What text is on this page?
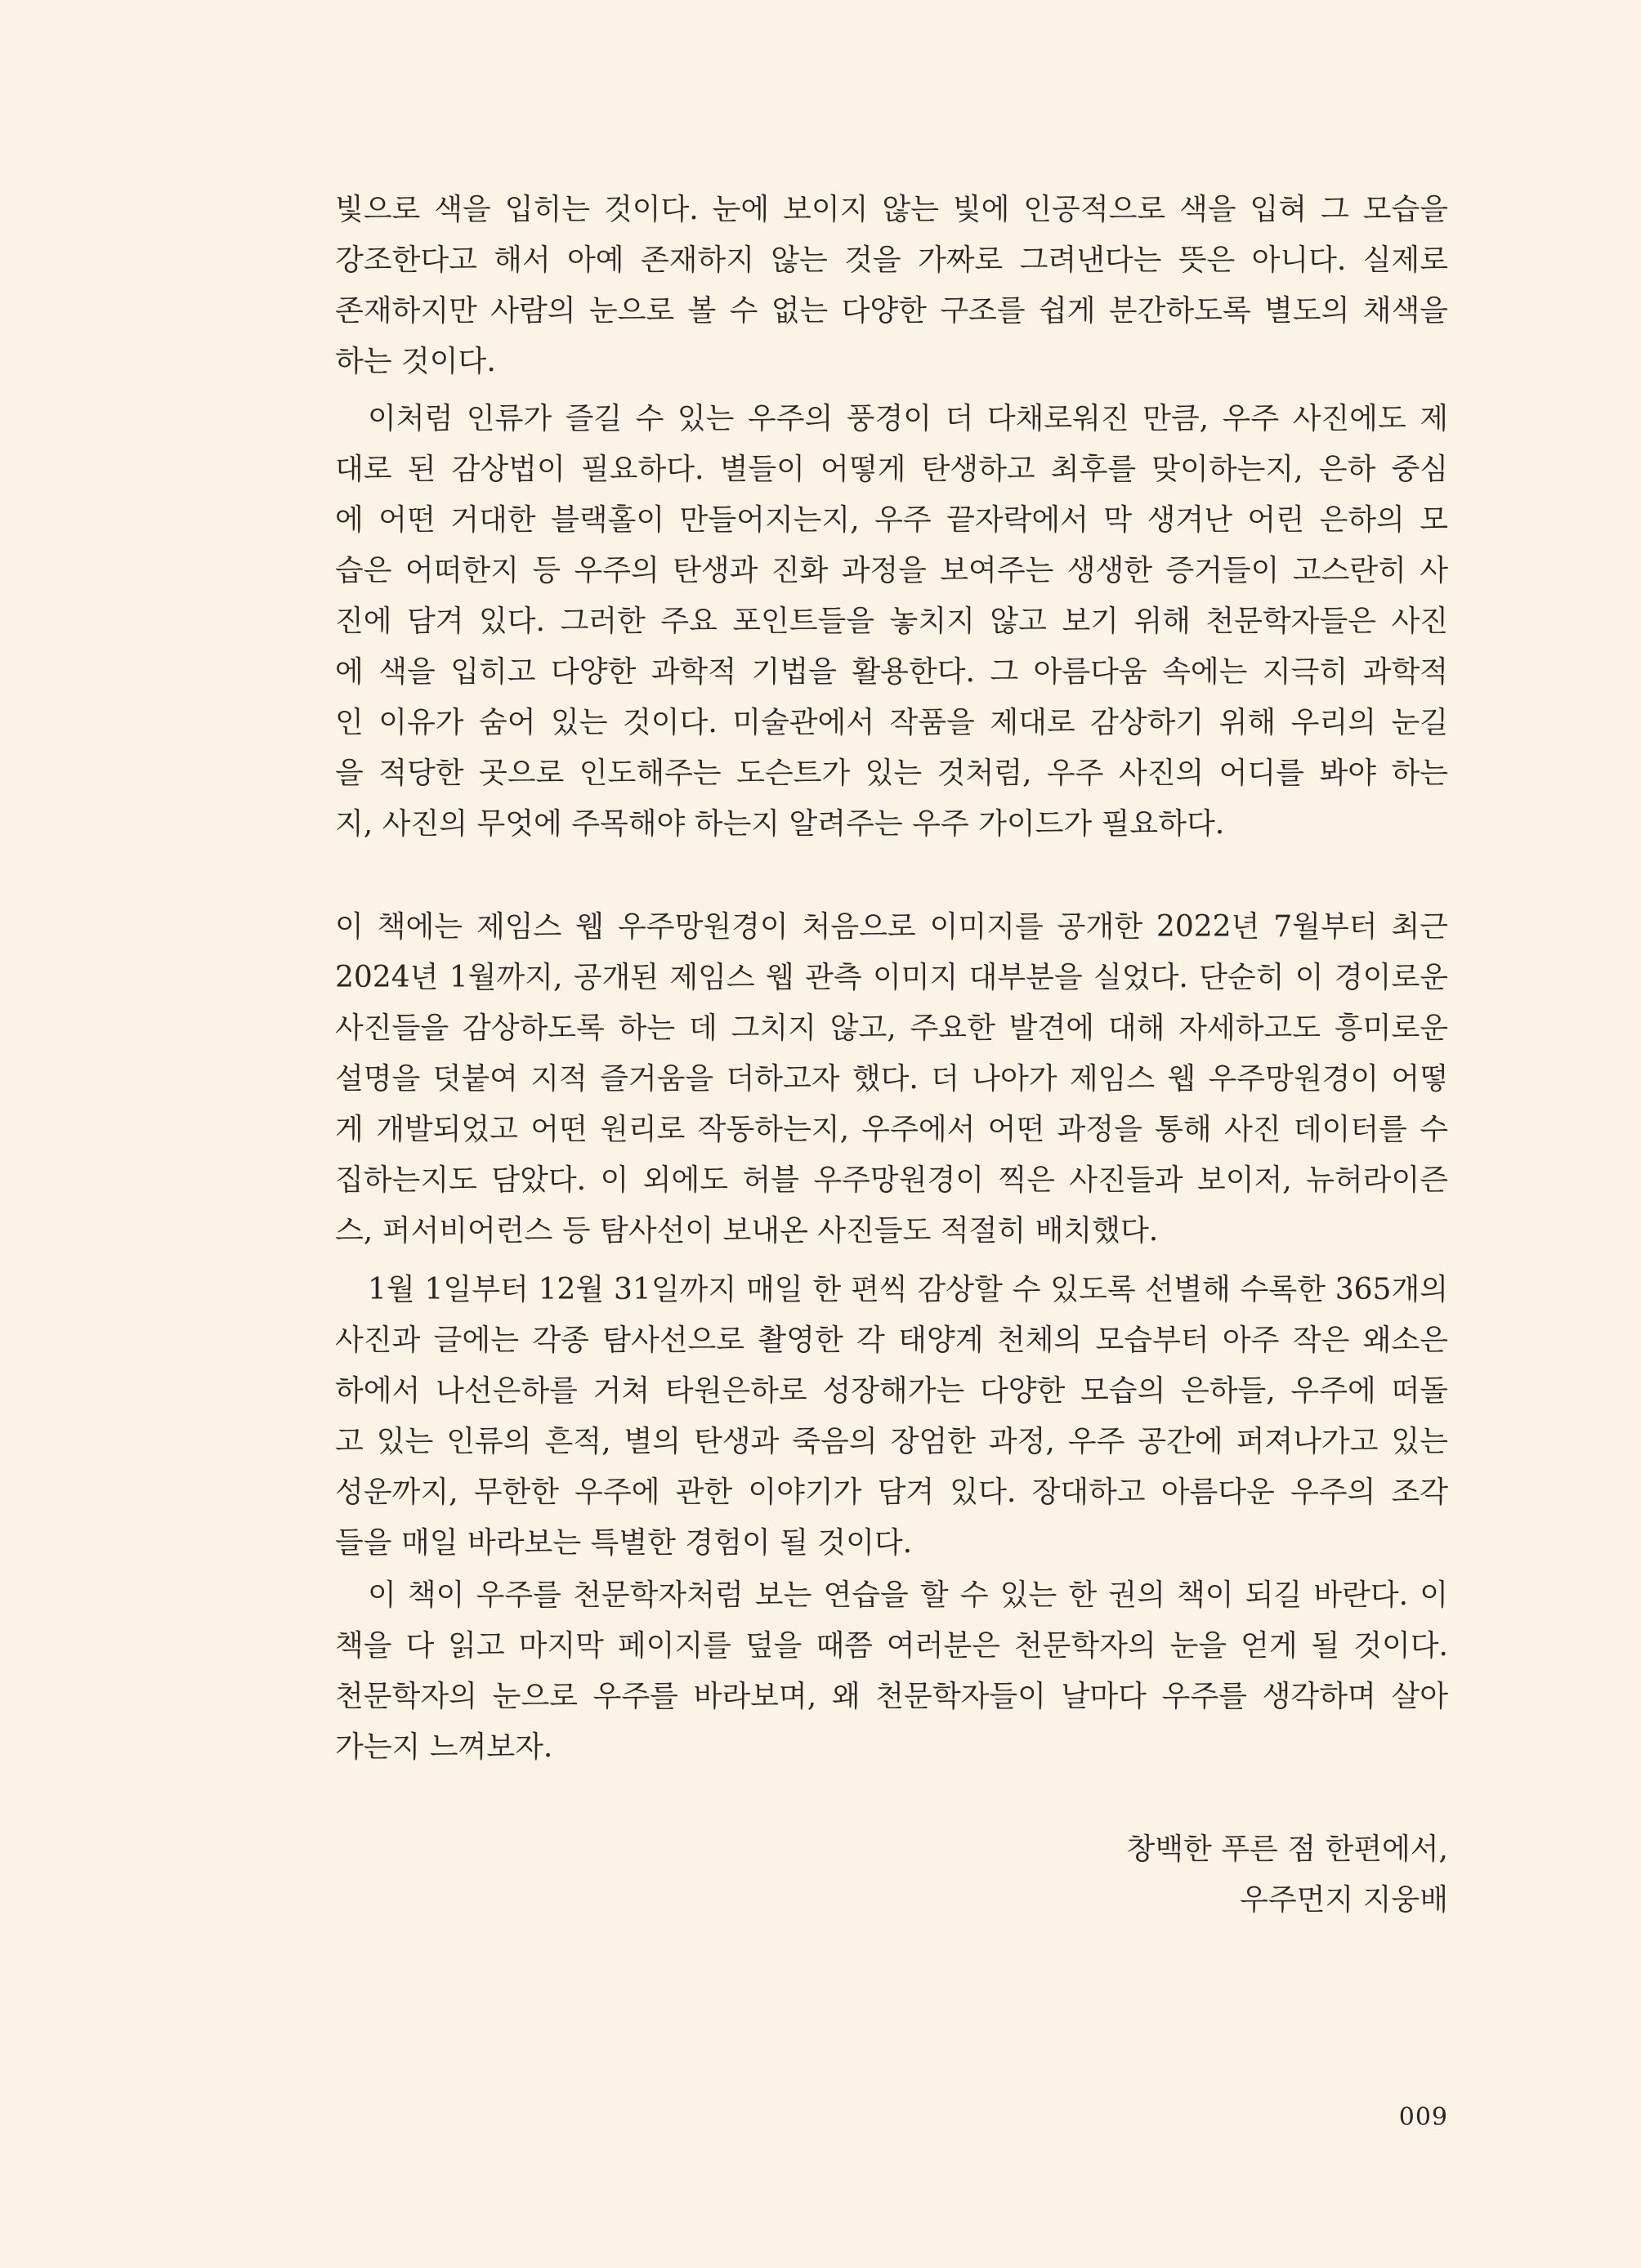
빛으로 색을 입히는 것이다. 눈에 보이지 않는 빛에 인공적으로 색을 입혀 그 모습을
강조한다고 해서 아예 존재하지 않는 것을 가짜로 그려낸다는 뜻은 아니다. 실제로
존재하지만 사람의 눈으로 볼 수 없는 다양한 구조를 쉽게 분간하도록 별도의 채색을
하는 것이다.
이처럼 인류가 즐길 수 있는 우주의 풍경이 더 다채로워진 만큼, 우주 사진에도 제
대로 된 감상법이 필요하다. 별들이 어떻게 탄생하고 최후를 맞이하는지, 은하 중심
에 어떤 거대한 블랙홀이 만들어지는지, 우주 끝자락에서 막 생겨난 어린 은하의 모
습은 어떠한지 등 우주의 탄생과 진화 과정을 보여주는 생생한 증거들이 고스란히 사
진에 담겨 있다. 그러한 주요 포인트들을 놓치지 않고 보기 위해 천문학자들은 사진
에 색을 입히고 다양한 과학적 기법을 활용한다. 그 아름다움 속에는 지극히 과학적
인 이유가 숨어 있는 것이다. 미술관에서 작품을 제대로 감상하기 위해 우리의 눈길
을 적당한 곳으로 인도해주는 도슨트가 있는 것처럼, 우주 사진의 어디를 봐야 하는
지, 사진의 무엇에 주목해야 하는지 알려주는 우주 가이드가 필요하다.
이 책에는 제임스 웹 우주망원경이 처음으로 이미지를 공개한 2022년 7월부터 최근
2024년 1월까지, 공개된 제임스 웹 관측 이미지 대부분을 실었다. 단순히 이 경이로운
사진들을 감상하도록 하는 데 그치지 않고, 주요한 발견에 대해 자세하고도 흥미로운
설명을 덧붙여 지적 즐거움을 더하고자 했다. 더 나아가 제임스 웹 우주망원경이 어떻
게 개발되었고 어떤 원리로 작동하는지, 우주에서 어떤 과정을 통해 사진 데이터를 수
집하는지도 담았다. 이 외에도 허블 우주망원경이 찍은 사진들과 보이저, 뉴허라이즌
스, 퍼서비어런스 등 탐사선이 보내온 사진들도 적절히 배치했다.
1월 1일부터 12월 31일까지 매일 한 편씩 감상할 수 있도록 선별해 수록한 365개의
사진과 글에는 각종 탐사선으로 촬영한 각 태양계 천체의 모습부터 아주 작은 왜소은
하에서 나선은하를 거쳐 타원은하로 성장해가는 다양한 모습의 은하들, 우주에 떠돌
고 있는 인류의 흔적, 별의 탄생과 죽음의 장엄한 과정, 우주 공간에 퍼져나가고 있는
성운까지, 무한한 우주에 관한 이야기가 담겨 있다. 장대하고 아름다운 우주의 조각
들을 매일 바라보는 특별한 경험이 될 것이다.
이 책이 우주를 천문학자처럼 보는 연습을 할 수 있는 한 권의 책이 되길 바란다. 이
책을 다 읽고 마지막 페이지를 덮을 때쯤 여러분은 천문학자의 눈을 얻게 될 것이다.
천문학자의 눈으로 우주를 바라보며, 왜 천문학자들이 날마다 우주를 생각하며 살아
가는지 느껴보자.
창백한 푸른 점 한편에서,
우주먼지 지웅배
009
